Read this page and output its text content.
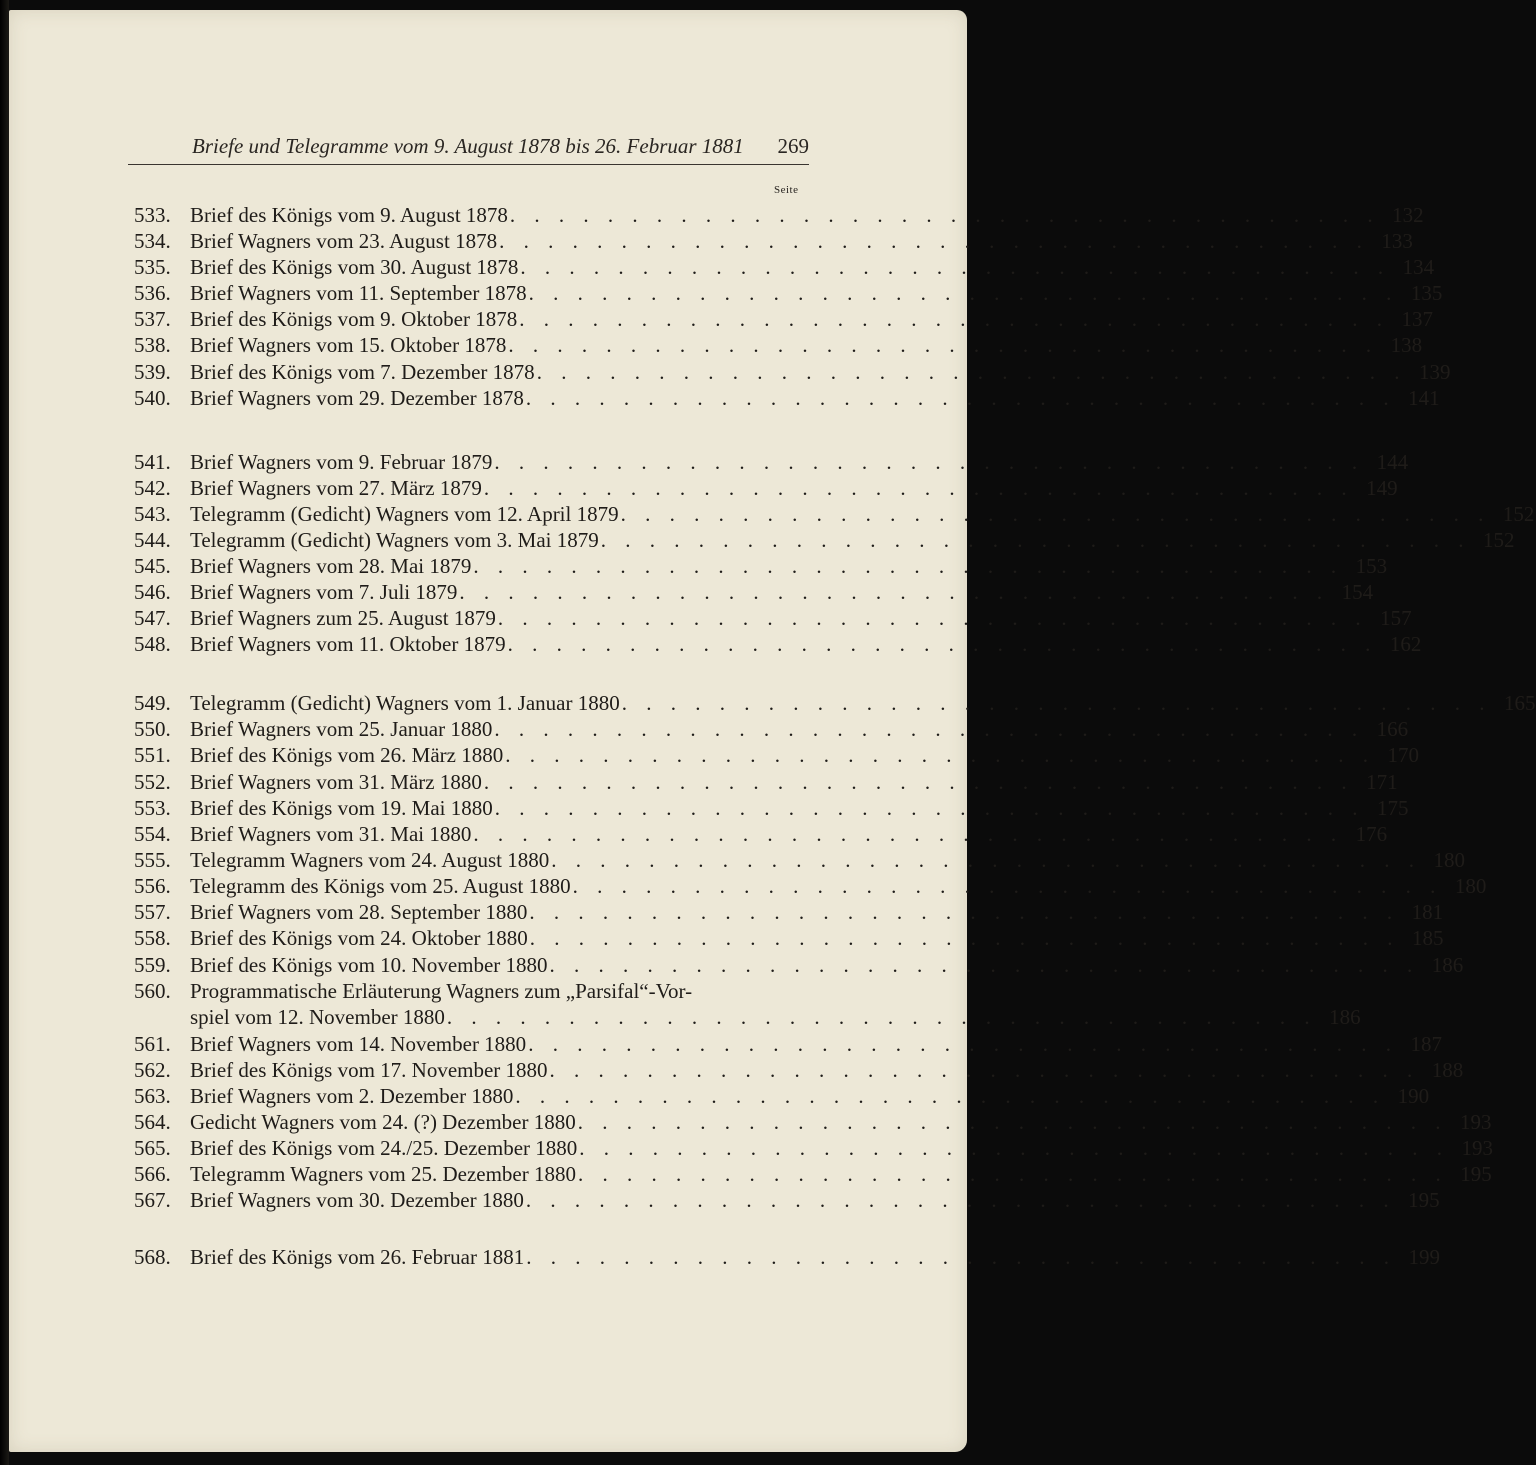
Briefe und Telegramme vom 9. August 1878 bis 26. Februar 1881 269
Seite
533. Brief des Königs vom 9. August 1878 . . . . . . . . . . . . . . . . . . . . . . . . . . . . . . . . . . . . 132
534. Brief Wagners vom 23. August 1878 . . . . . . . . . . . . . . . . . . . . . . . . . . . . . . . . . . . . 133
535. Brief des Königs vom 30. August 1878 . . . . . . . . . . . . . . . . . . . . . . . . . . . . . . . . . . . . 134
536. Brief Wagners vom 11. September 1878 . . . . . . . . . . . . . . . . . . . . . . . . . . . . . . . . . . . . 135
537. Brief des Königs vom 9. Oktober 1878 . . . . . . . . . . . . . . . . . . . . . . . . . . . . . . . . . . . . 137
538. Brief Wagners vom 15. Oktober 1878 . . . . . . . . . . . . . . . . . . . . . . . . . . . . . . . . . . . . 138
539. Brief des Königs vom 7. Dezember 1878 . . . . . . . . . . . . . . . . . . . . . . . . . . . . . . . . . . . . 139
540. Brief Wagners vom 29. Dezember 1878 . . . . . . . . . . . . . . . . . . . . . . . . . . . . . . . . . . . . 141
541. Brief Wagners vom 9. Februar 1879 . . . . . . . . . . . . . . . . . . . . . . . . . . . . . . . . . . . . 144
542. Brief Wagners vom 27. März 1879 . . . . . . . . . . . . . . . . . . . . . . . . . . . . . . . . . . . . 149
543. Telegramm (Gedicht) Wagners vom 12. April 1879 . . . . . . . . . . . . . . . . . . . . . . . . . . . . . . . . . . . . 152
544. Telegramm (Gedicht) Wagners vom 3. Mai 1879 . . . . . . . . . . . . . . . . . . . . . . . . . . . . . . . . . . . . 152
545. Brief Wagners vom 28. Mai 1879 . . . . . . . . . . . . . . . . . . . . . . . . . . . . . . . . . . . . 153
546. Brief Wagners vom 7. Juli 1879 . . . . . . . . . . . . . . . . . . . . . . . . . . . . . . . . . . . . 154
547. Brief Wagners zum 25. August 1879 . . . . . . . . . . . . . . . . . . . . . . . . . . . . . . . . . . . . 157
548. Brief Wagners vom 11. Oktober 1879 . . . . . . . . . . . . . . . . . . . . . . . . . . . . . . . . . . . . 162
549. Telegramm (Gedicht) Wagners vom 1. Januar 1880 . . . . . . . . . . . . . . . . . . . . . . . . . . . . . . . . . . . . 165
550. Brief Wagners vom 25. Januar 1880 . . . . . . . . . . . . . . . . . . . . . . . . . . . . . . . . . . . . 166
551. Brief des Königs vom 26. März 1880 . . . . . . . . . . . . . . . . . . . . . . . . . . . . . . . . . . . . 170
552. Brief Wagners vom 31. März 1880 . . . . . . . . . . . . . . . . . . . . . . . . . . . . . . . . . . . . 171
553. Brief des Königs vom 19. Mai 1880 . . . . . . . . . . . . . . . . . . . . . . . . . . . . . . . . . . . . 175
554. Brief Wagners vom 31. Mai 1880 . . . . . . . . . . . . . . . . . . . . . . . . . . . . . . . . . . . . 176
555. Telegramm Wagners vom 24. August 1880 . . . . . . . . . . . . . . . . . . . . . . . . . . . . . . . . . . . . 180
556. Telegramm des Königs vom 25. August 1880 . . . . . . . . . . . . . . . . . . . . . . . . . . . . . . . . . . . . 180
557. Brief Wagners vom 28. September 1880 . . . . . . . . . . . . . . . . . . . . . . . . . . . . . . . . . . . . 181
558. Brief des Königs vom 24. Oktober 1880 . . . . . . . . . . . . . . . . . . . . . . . . . . . . . . . . . . . . 185
559. Brief des Königs vom 10. November 1880 . . . . . . . . . . . . . . . . . . . . . . . . . . . . . . . . . . . . 186
560. Programmatische Erläuterung Wagners zum „Parsifal“-Vor-
spiel vom 12. November 1880 . . . . . . . . . . . . . . . . . . . . . . . . . . . . . . . . . . . . 186
561. Brief Wagners vom 14. November 1880 . . . . . . . . . . . . . . . . . . . . . . . . . . . . . . . . . . . . 187
562. Brief des Königs vom 17. November 1880 . . . . . . . . . . . . . . . . . . . . . . . . . . . . . . . . . . . . 188
563. Brief Wagners vom 2. Dezember 1880 . . . . . . . . . . . . . . . . . . . . . . . . . . . . . . . . . . . . 190
564. Gedicht Wagners vom 24. (?) Dezember 1880 . . . . . . . . . . . . . . . . . . . . . . . . . . . . . . . . . . . . 193
565. Brief des Königs vom 24./25. Dezember 1880 . . . . . . . . . . . . . . . . . . . . . . . . . . . . . . . . . . . . 193
566. Telegramm Wagners vom 25. Dezember 1880 . . . . . . . . . . . . . . . . . . . . . . . . . . . . . . . . . . . . 195
567. Brief Wagners vom 30. Dezember 1880 . . . . . . . . . . . . . . . . . . . . . . . . . . . . . . . . . . . . 195
568. Brief des Königs vom 26. Februar 1881 . . . . . . . . . . . . . . . . . . . . . . . . . . . . . . . . . . . . 199
